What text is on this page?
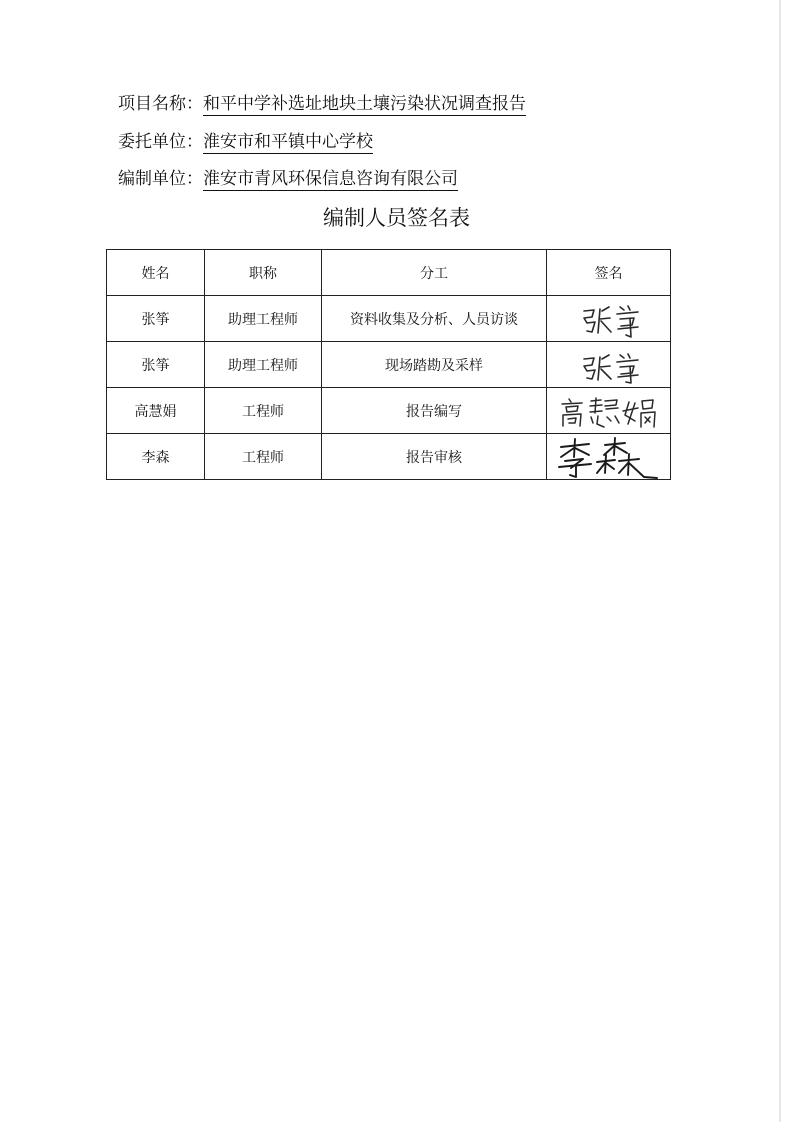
项目名称：和平中学补选址地块土壤污染状况调查报告
委托单位：淮安市和平镇中心学校
编制单位：淮安市青风环保信息咨询有限公司
编制人员签名表
姓名	职称	分工	签名
张筝	助理工程师	资料收集及分析、人员访谈	

张筝	助理工程师	现场踏勘及采样	

高慧娟	工程师	报告编写	

李森	工程师	报告审核	
